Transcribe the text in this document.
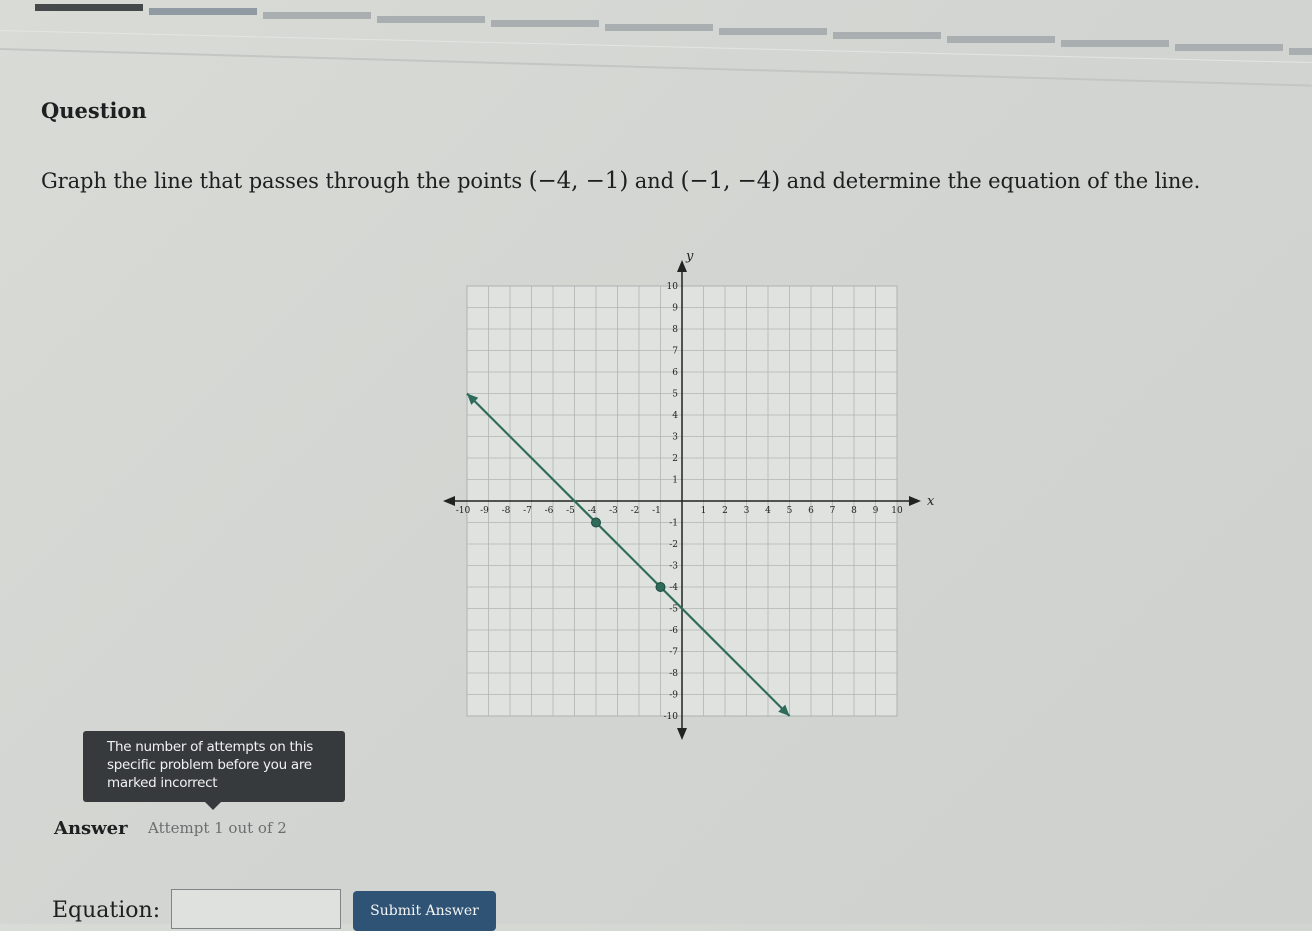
Question
Graph the line that passes through the points (−4, −1) and (−1, −4) and determine the equation of the line.
-10 -9 -8 -7 -6 -5 -4 -3 -2 -1	1 2 3 4 5 6 7 8 9 10
-10
-9
-8
-7
-6
-5
-4
-3
-2
-1
1
2
3
4
5
6
7
8
9
10
x
y
The number of attempts on this specific problem before you are marked incorrect
Answer Attempt 1 out of 2
Equation:	Submit Answer
